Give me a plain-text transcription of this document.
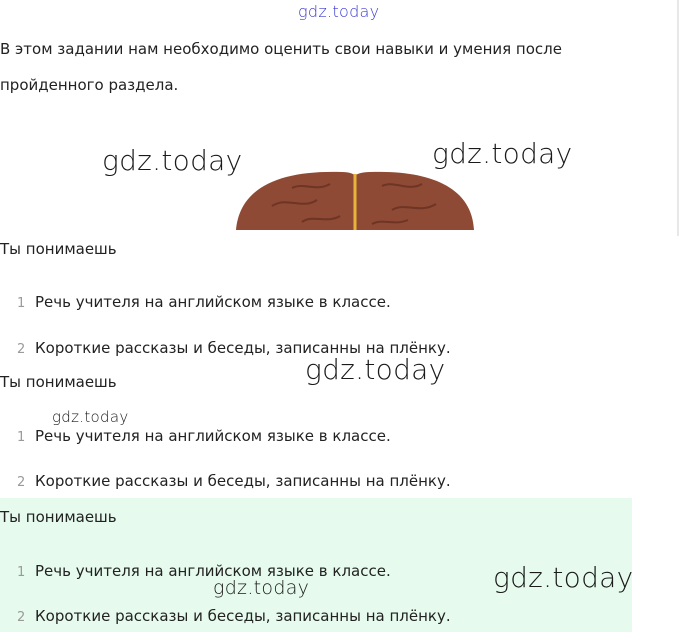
В этом задании нам необходимо оценить свои навыки и умения после пройденного раздела.

Ты понимаешь
1 Речь учителя на английском языке в классе.
2 Короткие рассказы и беседы, записанны на плёнку.
Ты понимаешь
1 Речь учителя на английском языке в классе.
2 Короткие рассказы и беседы, записанны на плёнку.
Ты понимаешь
1 Речь учителя на английском языке в классе.
2 Короткие рассказы и беседы, записанны на плёнку.
gdz.today
gdz.today	gdz.today
gdz.today
gdz.today
gdz.today
gdz.today
